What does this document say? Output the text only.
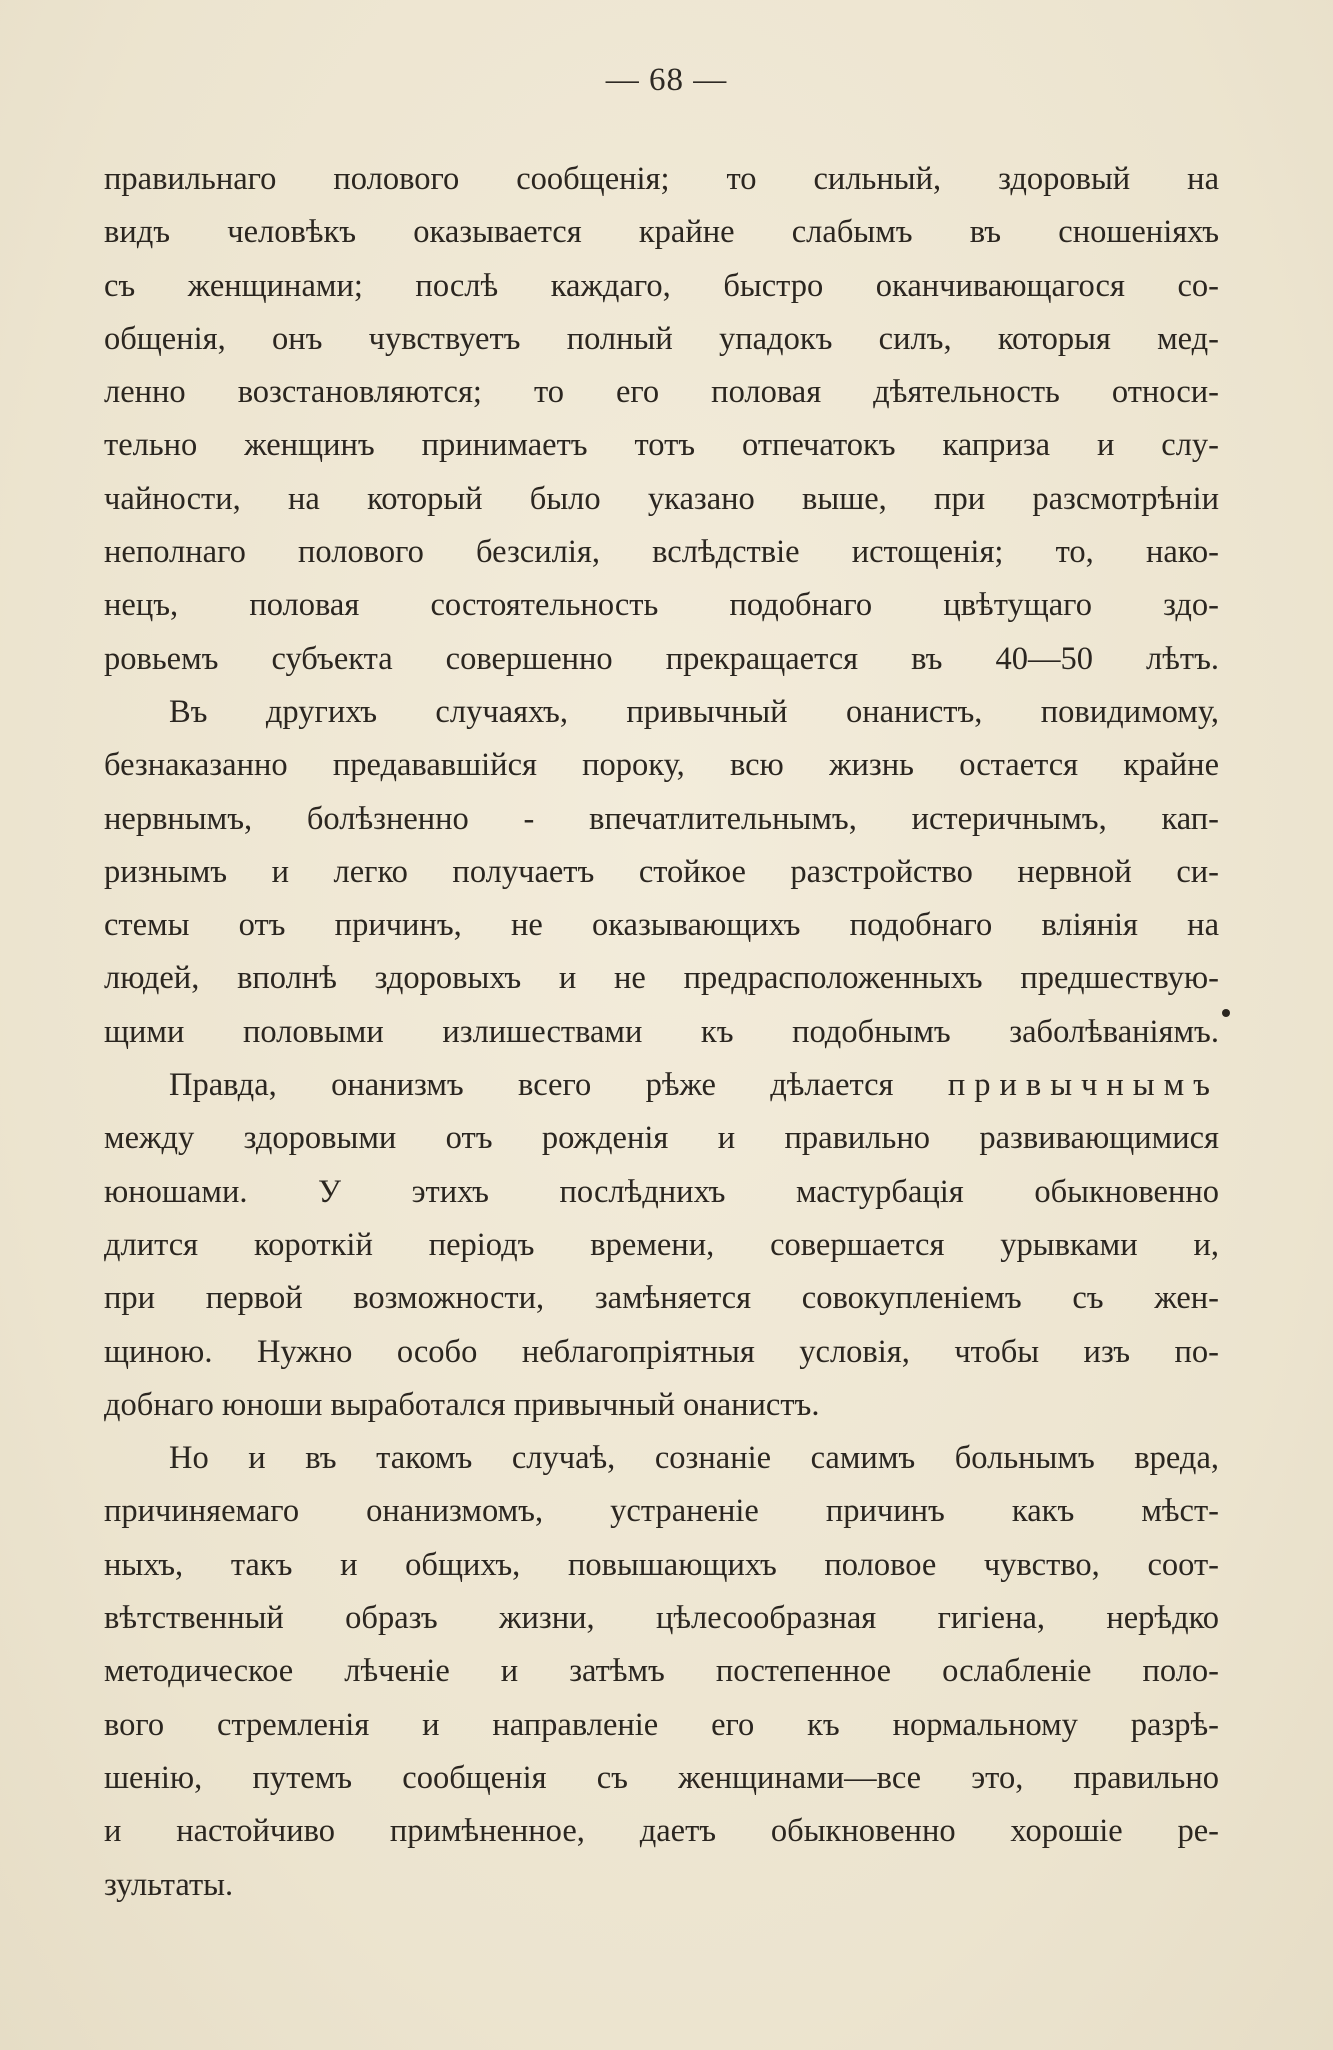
— 68 —
правильнаго полового сообщенія; то сильный, здоровый на
видъ человѣкъ оказывается крайне слабымъ въ сношеніяхъ
съ женщинами; послѣ каждаго, быстро оканчивающагося со-
общенія, онъ чувствуетъ полный упадокъ силъ, которыя мед-
ленно возстановляются; то его половая дѣятельность относи-
тельно женщинъ принимаетъ тотъ отпечатокъ каприза и слу-
чайности, на который было указано выше, при разсмотрѣніи
неполнаго полового безсилія, вслѣдствіе истощенія; то, нако-
нецъ, половая состоятельность подобнаго цвѣтущаго здо-
ровьемъ субъекта совершенно прекращается въ 40—50 лѣтъ.
Въ другихъ случаяхъ, привычный онанистъ, повидимому,
безнаказанно предававшійся пороку, всю жизнь остается крайне
нервнымъ, болѣзненно - впечатлительнымъ, истеричнымъ, кап-
ризнымъ и легко получаетъ стойкое разстройство нервной си-
стемы отъ причинъ, не оказывающихъ подобнаго вліянія на
людей, вполнѣ здоровыхъ и не предрасположенныхъ предшествую-
щими половыми излишествами къ подобнымъ заболѣваніямъ.
Правда, онанизмъ всего рѣже дѣлается привычнымъ
между здоровыми отъ рожденія и правильно развивающимися
юношами. У этихъ послѣднихъ мастурбація обыкновенно
длится короткій періодъ времени, совершается урывками и,
при первой возможности, замѣняется совокупленіемъ съ жен-
щиною. Нужно особо неблагопріятныя условія, чтобы изъ по-
добнаго юноши выработался привычный онанистъ.
Но и въ такомъ случаѣ, сознаніе самимъ больнымъ вреда,
причиняемаго онанизмомъ, устраненіе причинъ какъ мѣст-
ныхъ, такъ и общихъ, повышающихъ половое чувство, соот-
вѣтственный образъ жизни, цѣлесообразная гигіена, нерѣдко
методическое лѣченіе и затѣмъ постепенное ослабленіе поло-
вого стремленія и направленіе его къ нормальному разрѣ-
шенію, путемъ сообщенія съ женщинами—все это, правильно
и настойчиво примѣненное, даетъ обыкновенно хорошіе ре-
зультаты.
